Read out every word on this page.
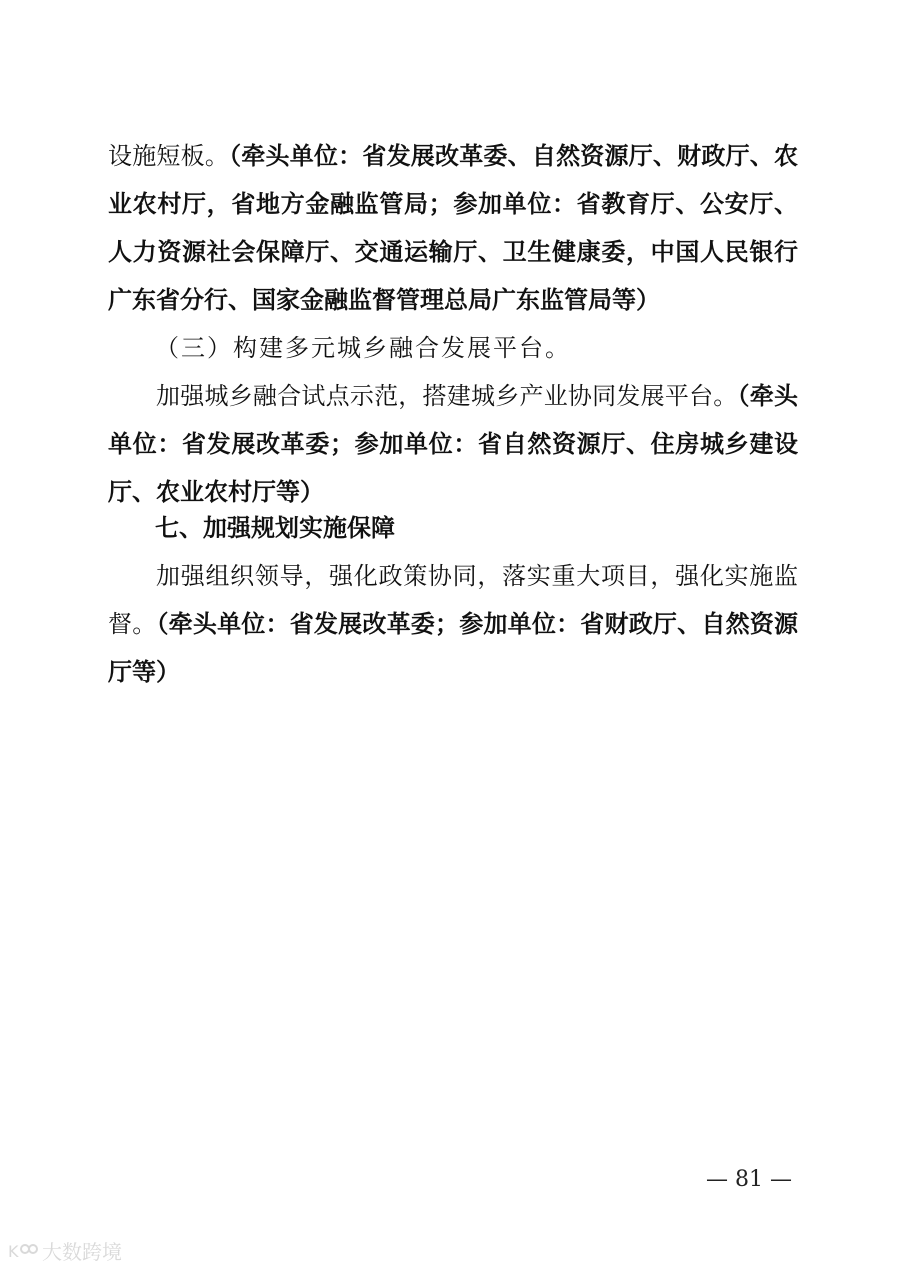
设施短板。（牵头单位：省发展改革委、自然资源厅、财政厅、农业农村厅，省地方金融监管局；参加单位：省教育厅、公安厅、人力资源社会保障厅、交通运输厅、卫生健康委，中国人民银行广东省分行、国家金融监督管理总局广东监管局等）

（三）构建多元城乡融合发展平台。

加强城乡融合试点示范，搭建城乡产业协同发展平台。（牵头单位：省发展改革委；参加单位：省自然资源厅、住房城乡建设厅、农业农村厅等）

七、加强规划实施保障

加强组织领导，强化政策协同，落实重大项目，强化实施监督。（牵头单位：省发展改革委；参加单位：省财政厅、自然资源厅等）

— 81 —
K 大数跨境
